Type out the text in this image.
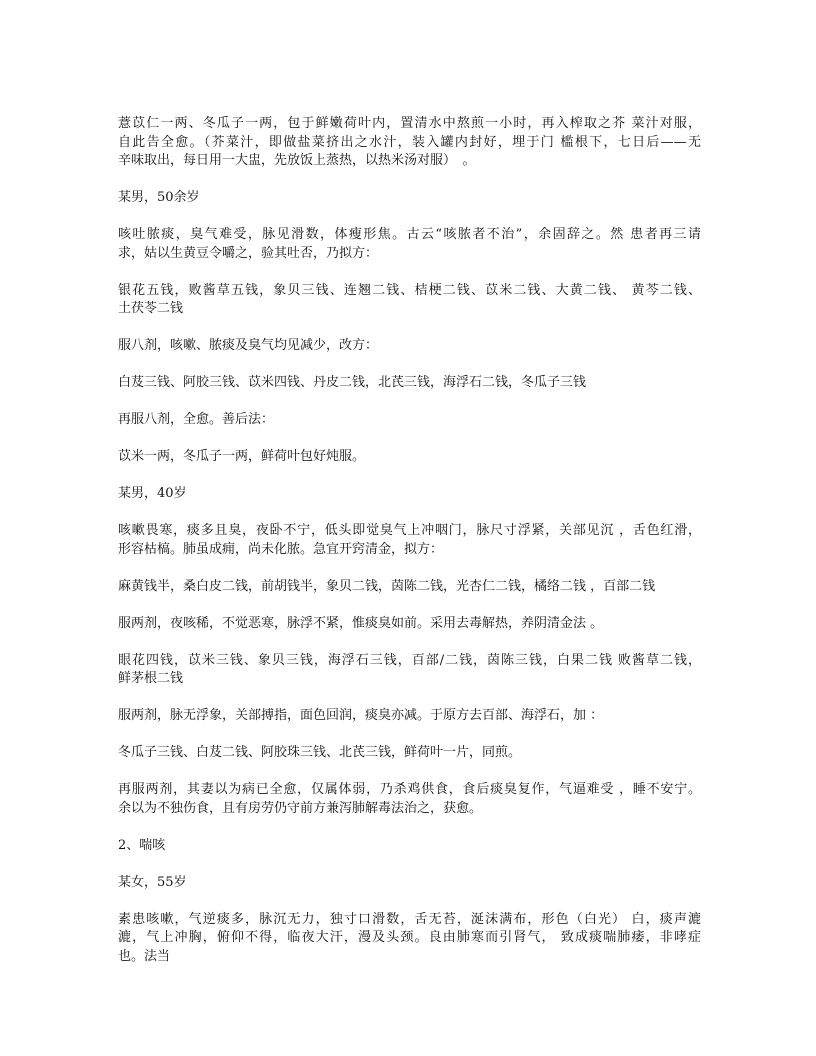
薏苡仁一两、冬瓜子一两，包于鲜嫩荷叶内，置清水中熬煎一小时，再入榨取之芥 菜汁对服，
自此告全愈。（芥菜汁，即做盐菜挤出之水汁，装入罐内封好，埋于门 槛根下，七日后——无
辛味取出，每日用一大盅，先放饭上蒸热，以热米汤对服）　。
某男，50余岁
咳吐脓痰，臭气难受，脉见滑数，体瘦形焦。古云“咳脓者不治”，余固辞之。然 患者再三请
求，姑以生黄豆令嚼之，验其吐否，乃拟方：
银花五钱，败酱草五钱，象贝三钱、连翘二钱、桔梗二钱、苡米二钱、大黄二钱、 黄芩二钱、
土茯苓二钱
服八剂，咳嗽、脓痰及臭气均见减少，改方：
白芨三钱、阿胶三钱、苡米四钱、丹皮二钱，北芪三钱，海浮石二钱，冬瓜子三钱
再服八剂，全愈。善后法：
苡米一两，冬瓜子一两，鲜荷叶包好炖服。
某男，40岁
咳嗽畏寒，痰多且臭，夜卧不宁，低头即觉臭气上冲咽门，脉尺寸浮紧，关部见沉 ，舌色红滑，
形容枯槁。肺虽成痈，尚未化脓。急宜开窍清金，拟方：
麻黄钱半，桑白皮二钱，前胡钱半，象贝二钱，茵陈二钱，光杏仁二钱，橘络二钱 ，百部二钱
服两剂，夜咳稀，不觉恶寒，脉浮不紧，惟痰臭如前。采用去毒解热，养阴清金法 。
眼花四钱，苡米三钱、象贝三钱，海浮石三钱，百部/二钱，茵陈三钱，白果二钱 败酱草二钱，
鲜茅根二钱
服两剂，脉无浮象，关部搏指，面色回润，痰臭亦减。于原方去百部、海浮石，加 ：
冬瓜子三钱、白芨二钱、阿胶珠三钱、北芪三钱，鲜荷叶一片，同煎。
再服两剂，其妻以为病已全愈，仅属体弱，乃杀鸡供食，食后痰臭复作，气逼难受 ，睡不安宁。
余以为不独伤食，且有房劳仍守前方兼泻肺解毒法治之，获愈。
2、喘咳
某女，55岁
素患咳嗽，气逆痰多，脉沉无力，独寸口滑数，舌无苔，涎沫满布，形色（白光） 白，痰声漉
漉，气上冲胸，俯仰不得，临夜大汗，漫及头颈。良由肺寒而引肾气， 致成痰喘肺痿，非哮症
也。法当
